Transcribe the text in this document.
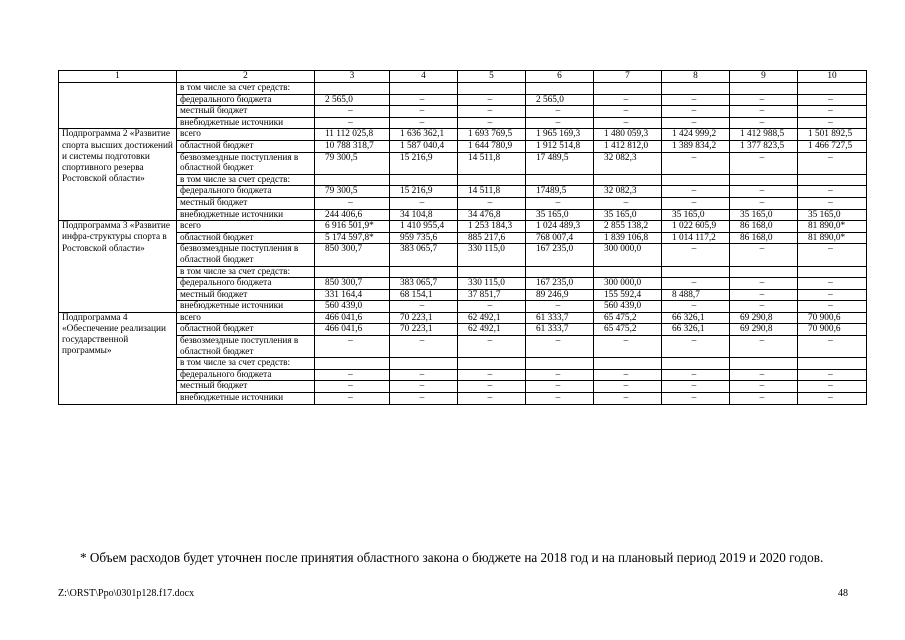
1	2	3	4	5	6	7	8	9	10
	в том числе за счет средств:								
	федерального бюджета	2 565,0	–	–	2 565,0	–	–	–	–
	местный бюджет	–	–	–	–	–	–	–	–
	внебюджетные источники	–	–	–	–	–	–	–	–
Подпрограмма 2 «Развитие спорта высших достижений и системы подготовки спортивного резерва Ростовской области»	всего	11 112 025,8	1 636 362,1	1 693 769,5	1 965 169,3	1 480 059,3	1 424 999,2	1 412 988,5	1 501 892,5
	областной бюджет	10 788 318,7	1 587 040,4	1 644 780,9	1 912 514,8	1 412 812,0	1 389 834,2	1 377 823,5	1 466 727,5
	безвозмездные поступления в областной бюджет	79 300,5	15 216,9	14 511,8	17 489,5	32 082,3	–	–	–
	в том числе за счет средств:								
	федерального бюджета	79 300,5	15 216,9	14 511,8	17489,5	32 082,3	–	–	–
	местный бюджет	–	–	–	–	–	–	–	–
	внебюджетные источники	244 406,6	34 104,8	34 476,8	35 165,0	35 165,0	35 165,0	35 165,0	35 165,0
Подпрограмма 3 «Развитие инфра-структуры спорта в Ростовской области»	всего	6 916 501,9*	1 410 955,4	1 253 184,3	1 024 489,3	2 855 138,2	1 022 605,9	86 168,0	81 890,0*
	областной бюджет	5 174 597,8*	959 735,6	885 217,6	768 007,4	1 839 106,8	1 014 117,2	86 168,0	81 890,0*
	безвозмездные поступления в областной бюджет	850 300,7	383 065,7	330 115,0	167 235,0	300 000,0	–	–	–
	в том числе за счет средств:								
	федерального бюджета	850 300,7	383 065,7	330 115,0	167 235,0	300 000,0	–	–	–
	местный бюджет	331 164,4	68 154,1	37 851,7	89 246,9	155 592,4	8 488,7	–	–
	внебюджетные источники	560 439,0	–	–	–	560 439,0	–	–	–
Подпрограмма 4 «Обеспечение реализации государственной программы»	всего	466 041,6	70 223,1	62 492,1	61 333,7	65 475,2	66 326,1	69 290,8	70 900,6
	областной бюджет	466 041,6	70 223,1	62 492,1	61 333,7	65 475,2	66 326,1	69 290,8	70 900,6
	безвозмездные поступления в областной бюджет	–	–	–	–	–	–	–	–
	в том числе за счет средств:								
	федерального бюджета	–	–	–	–	–	–	–	–
	местный бюджет	–	–	–	–	–	–	–	–
	внебюджетные источники	–	–	–	–	–	–	–	–
* Объем расходов будет уточнен после принятия областного закона о бюджете на 2018 год и на плановый период 2019 и 2020 годов.
Z:\ORST\Ppo\0301p128.f17.docx	48
